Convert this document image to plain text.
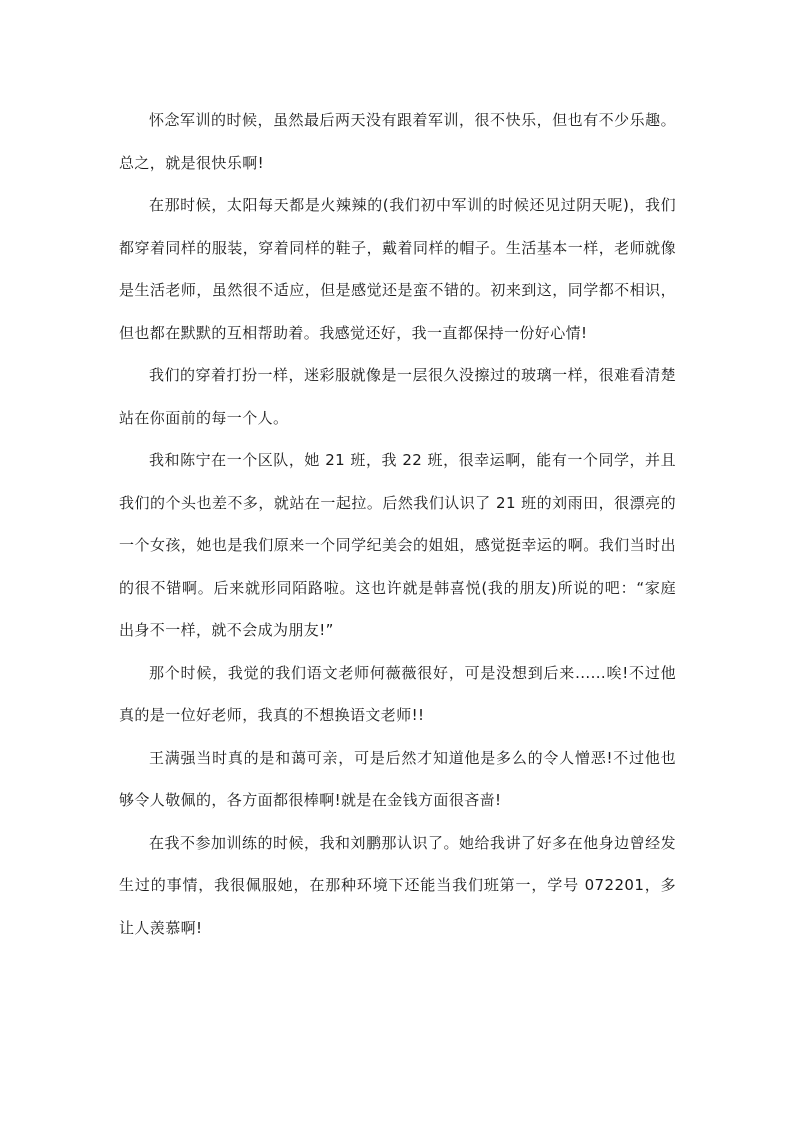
怀念军训的时候，虽然最后两天没有跟着军训，很不快乐，但也有不少乐趣。总之，就是很快乐啊!

在那时候，太阳每天都是火辣辣的(我们初中军训的时候还见过阴天呢)，我们都穿着同样的服装，穿着同样的鞋子，戴着同样的帽子。生活基本一样，老师就像是生活老师，虽然很不适应，但是感觉还是蛮不错的。初来到这，同学都不相识，但也都在默默的互相帮助着。我感觉还好，我一直都保持一份好心情!

我们的穿着打扮一样，迷彩服就像是一层很久没擦过的玻璃一样，很难看清楚站在你面前的每一个人。

我和陈宁在一个区队，她 21 班，我 22 班，很幸运啊，能有一个同学，并且我们的个头也差不多，就站在一起拉。后然我们认识了 21 班的刘雨田，很漂亮的一个女孩，她也是我们原来一个同学纪美会的姐姐，感觉挺幸运的啊。我们当时出的很不错啊。后来就形同陌路啦。这也许就是韩喜悦(我的朋友)所说的吧：“家庭出身不一样，就不会成为朋友!”

那个时候，我觉的我们语文老师何薇薇很好，可是没想到后来......唉!不过他真的是一位好老师，我真的不想换语文老师!!

王满强当时真的是和蔼可亲，可是后然才知道他是多么的令人憎恶!不过他也够令人敬佩的，各方面都很棒啊!就是在金钱方面很吝啬!

在我不参加训练的时候，我和刘鹏那认识了。她给我讲了好多在他身边曾经发生过的事情，我很佩服她，在那种环境下还能当我们班第一，学号 072201，多让人羡慕啊!
